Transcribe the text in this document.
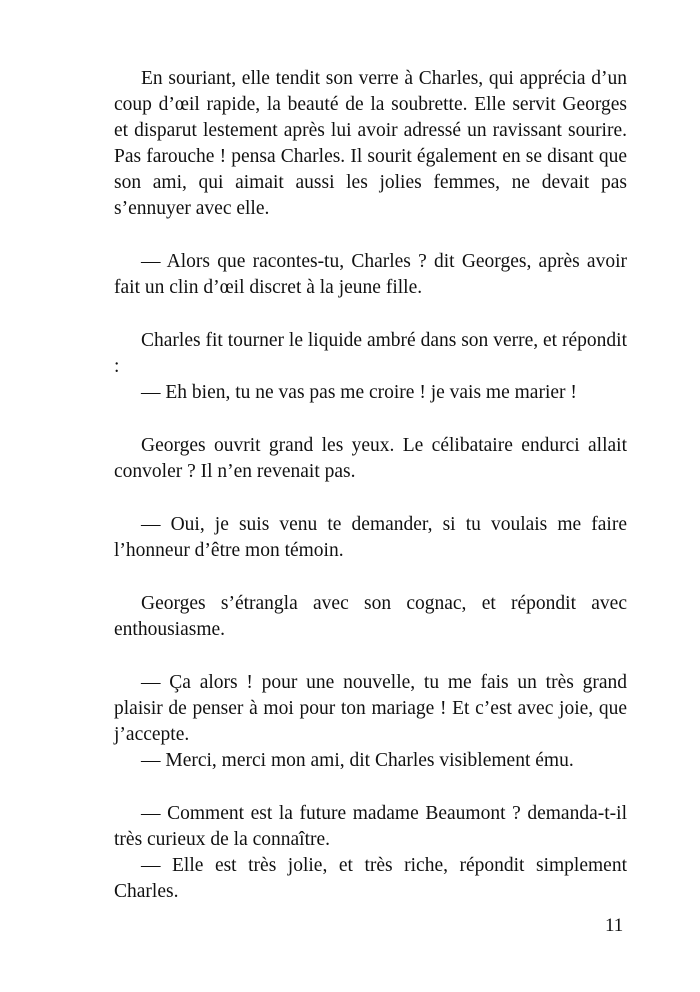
En souriant, elle tendit son verre à Charles, qui apprécia d’un coup d’œil rapide, la beauté de la soubrette. Elle servit Georges et disparut lestement après lui avoir adressé un ravissant sourire. Pas farouche ! pensa Charles. Il sourit également en se disant que son ami, qui aimait aussi les jolies femmes, ne devait pas s’ennuyer avec elle.

— Alors que racontes-tu, Charles ? dit Georges, après avoir fait un clin d’œil discret à la jeune fille.

Charles fit tourner le liquide ambré dans son verre, et répondit :

— Eh bien, tu ne vas pas me croire ! je vais me marier !

Georges ouvrit grand les yeux. Le célibataire endurci allait convoler ? Il n’en revenait pas.

— Oui, je suis venu te demander, si tu voulais me faire l’honneur d’être mon témoin.

Georges s’étrangla avec son cognac, et répondit avec enthousiasme.

— Ça alors ! pour une nouvelle, tu me fais un très grand plaisir de penser à moi pour ton mariage ! Et c’est avec joie, que j’accepte.

— Merci, merci mon ami, dit Charles visiblement ému.

— Comment est la future madame Beaumont ? demanda-t-il très curieux de la connaître.

— Elle est très jolie, et très riche, répondit simplement Charles.

11
